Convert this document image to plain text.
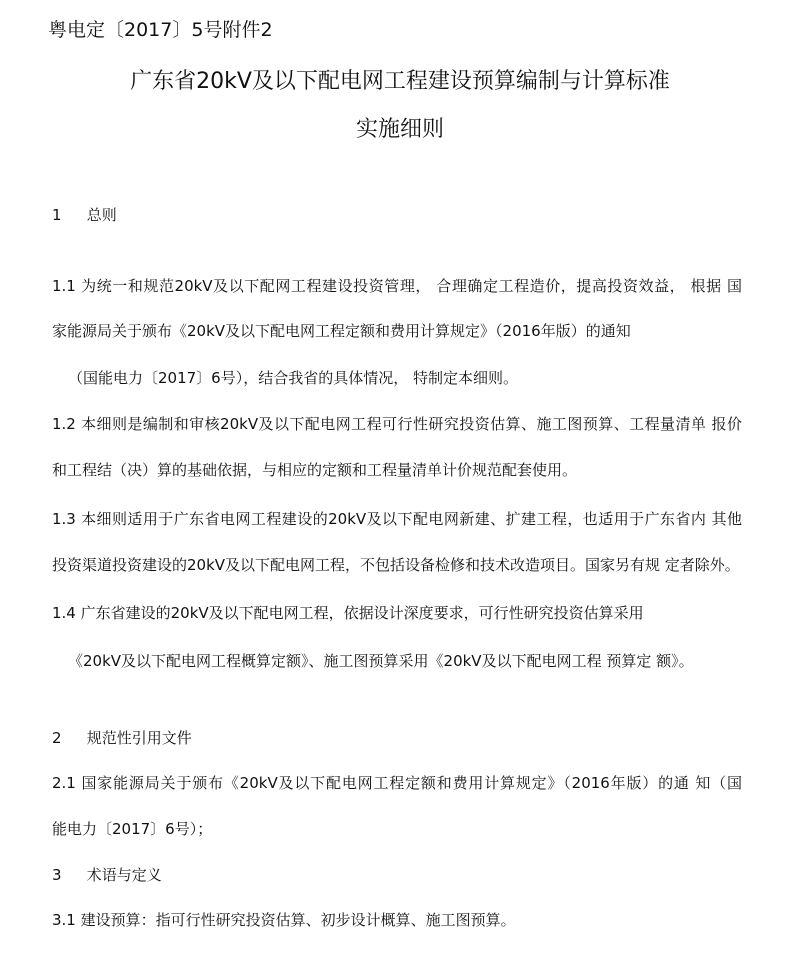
粤电定〔2017〕5号附件2
广东省20kV及以下配电网工程建设预算编制与计算标准
实施细则
1 总则
1.1 为统一和规范20kV及以下配网工程建设投资管理， 合理确定工程造价，提高投资效益， 根据 国
家能源局关于颁布《20kV及以下配电网工程定额和费用计算规定》（2016年版）的通知
（国能电力〔2017〕6号），结合我省的具体情况， 特制定本细则。
1.2 本细则是编制和审核20kV及以下配电网工程可行性研究投资估算、施工图预算、工程量清单 报价
和工程结（决）算的基础依据，与相应的定额和工程量清单计价规范配套使用。
1.3 本细则适用于广东省电网工程建设的20kV及以下配电网新建、扩建工程，也适用于广东省内 其他
投资渠道投资建设的20kV及以下配电网工程，不包括设备检修和技术改造项目。国家另有规 定者除外。
1.4 广东省建设的20kV及以下配电网工程，依据设计深度要求，可行性研究投资估算采用
《20kV及以下配电网工程概算定额》、施工图预算采用《20kV及以下配电网工程 预算定 额》。
2 规范性引用文件
2.1 国家能源局关于颁布《20kV及以下配电网工程定额和费用计算规定》（2016年版）的通 知（国
能电力〔2017〕6号）；
3 术语与定义
3.1 建设预算：指可行性研究投资估算、初步设计概算、施工图预算。
